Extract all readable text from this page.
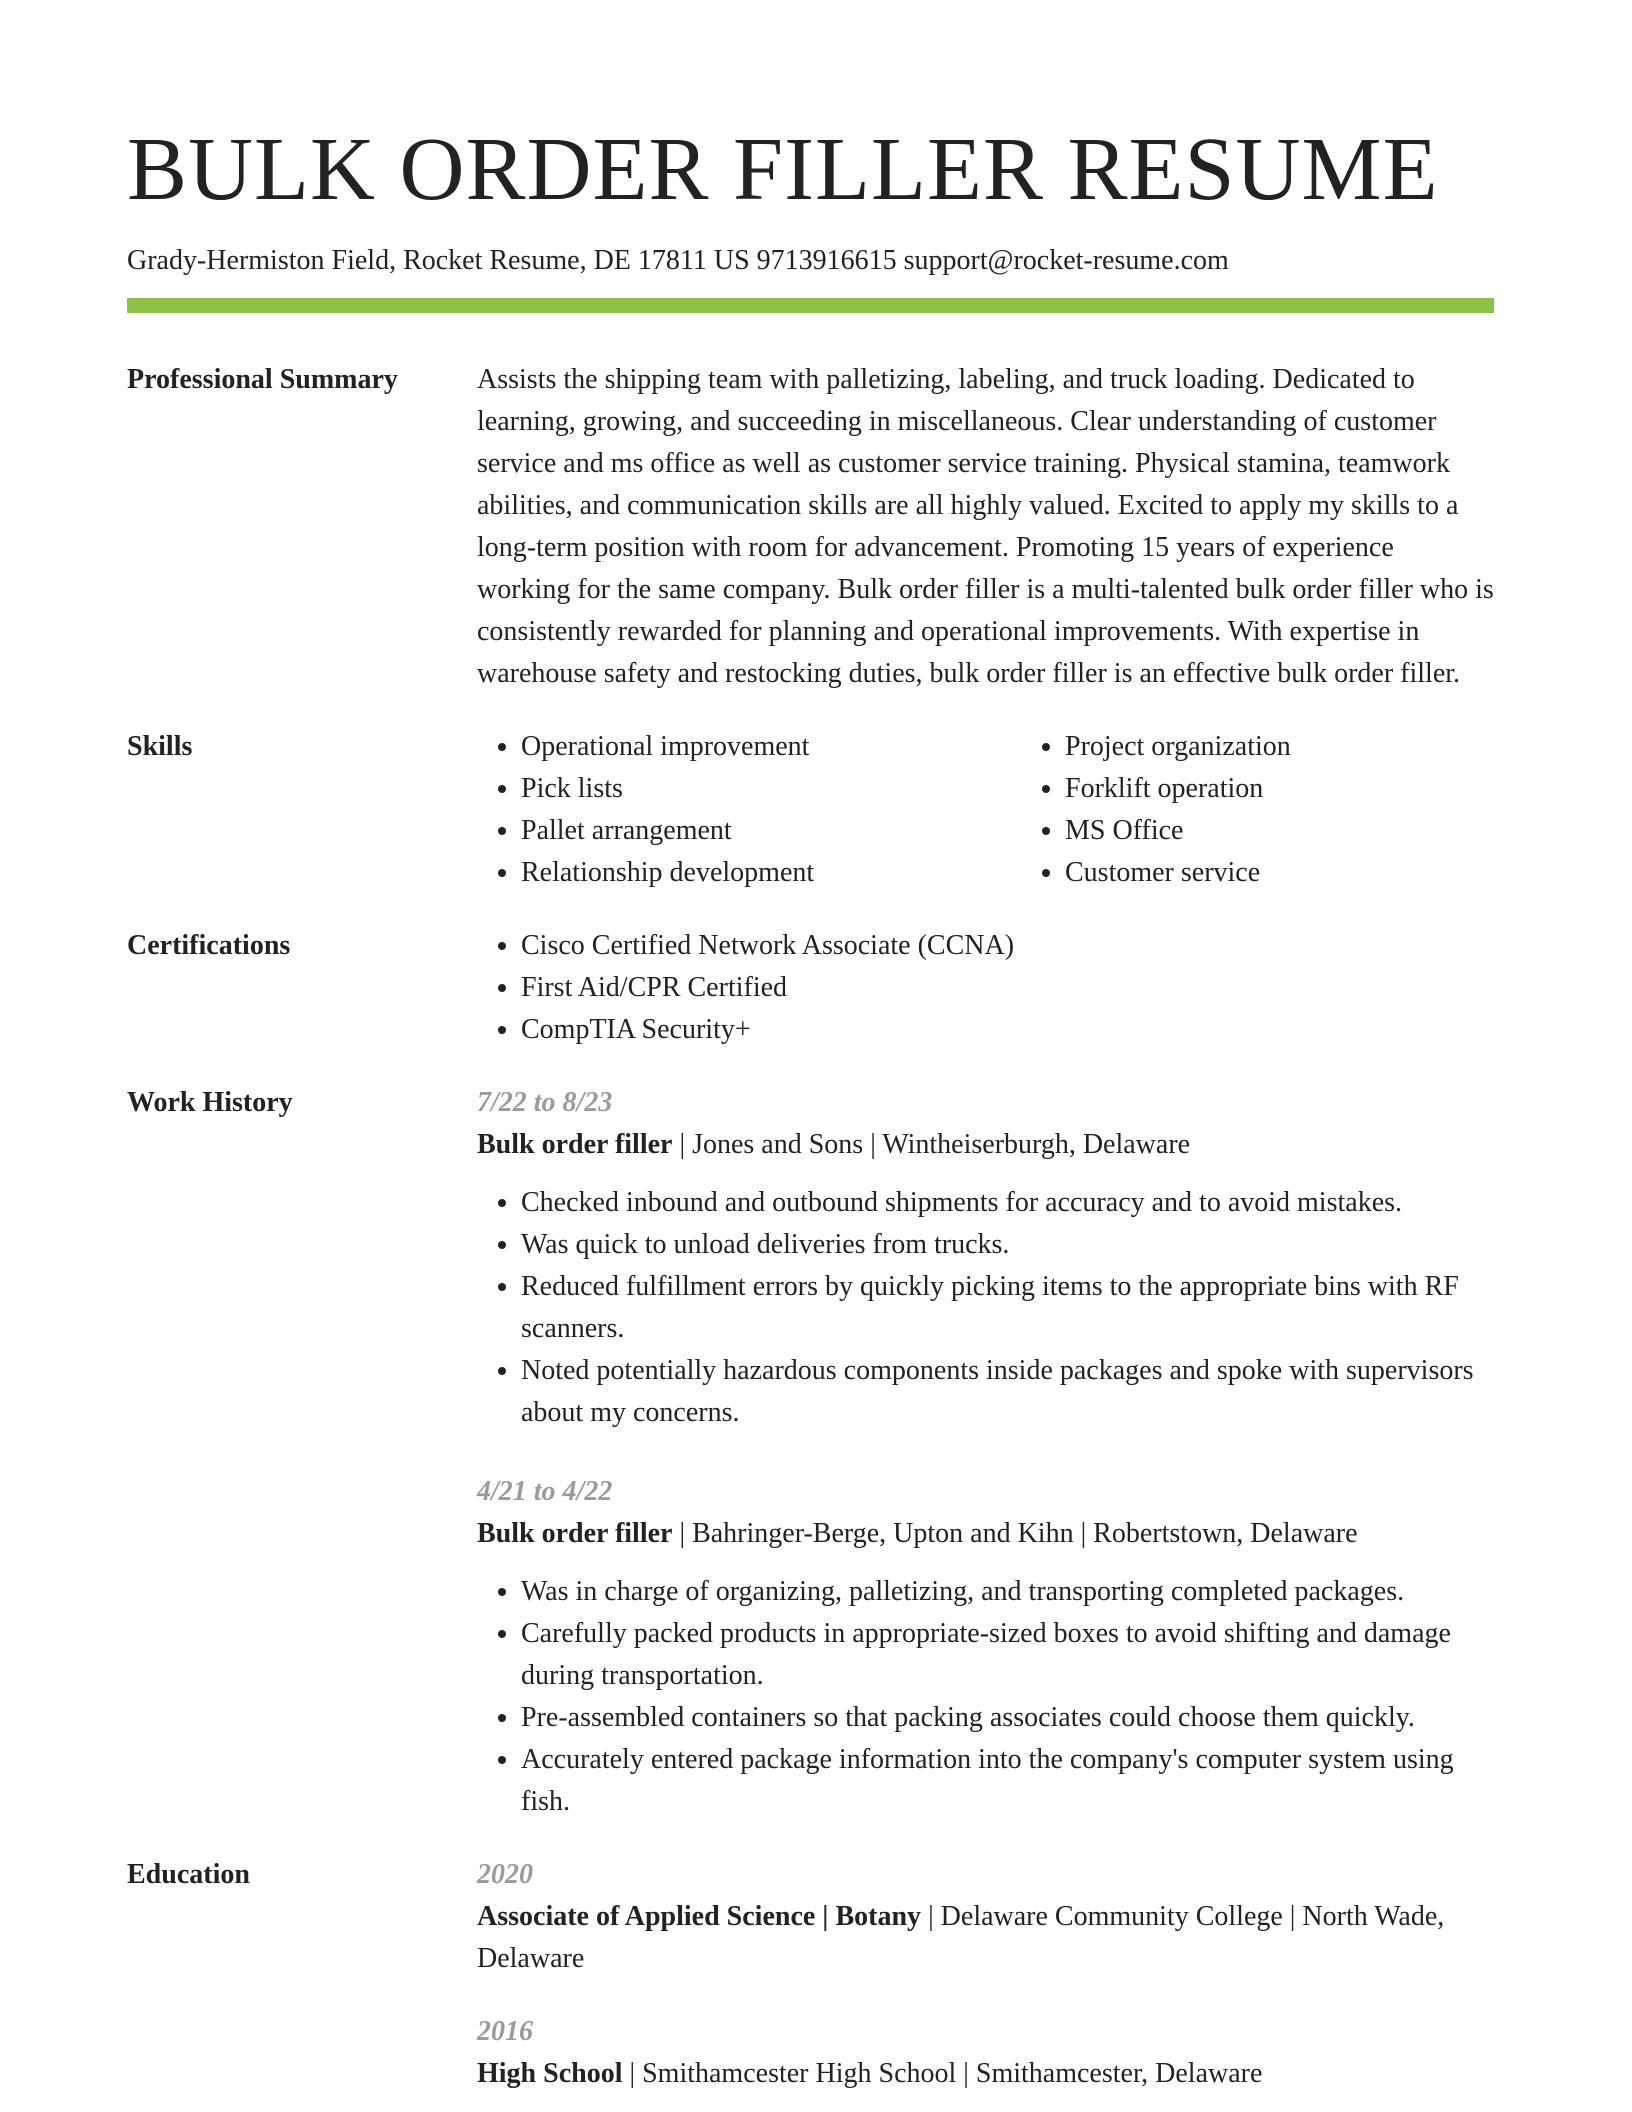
BULK ORDER FILLER RESUME
Grady-Hermiston Field, Rocket Resume, DE 17811 US 9713916615 support@rocket-resume.com
Professional Summary	Assists the shipping team with palletizing, labeling, and truck loading. Dedicated to learning, growing, and succeeding in miscellaneous. Clear understanding of customer service and ms office as well as customer service training. Physical stamina, teamwork abilities, and communication skills are all highly valued. Excited to apply my skills to a long-term position with room for advancement. Promoting 15 years of experience working for the same company. Bulk order filler is a multi-talented bulk order filler who is consistently rewarded for planning and operational improvements. With expertise in warehouse safety and restocking duties, bulk order filler is an effective bulk order filler.

Skills	• Operational improvement
• Pick lists
• Pallet arrangement
• Relationship development
• Project organization
• Forklift operation
• MS Office
• Customer service
Certifications	• Cisco Certified Network Associate (CCNA)
• First Aid/CPR Certified
• CompTIA Security+
Work History	7/22 to 8/23
Bulk order filler | Jones and Sons | Wintheiserburgh, Delaware
• Checked inbound and outbound shipments for accuracy and to avoid mistakes.
• Was quick to unload deliveries from trucks.
• Reduced fulfillment errors by quickly picking items to the appropriate bins with RF scanners.
• Noted potentially hazardous components inside packages and spoke with supervisors about my concerns.
4/21 to 4/22
Bulk order filler | Bahringer-Berge, Upton and Kihn | Robertstown, Delaware
• Was in charge of organizing, palletizing, and transporting completed packages.
• Carefully packed products in appropriate-sized boxes to avoid shifting and damage during transportation.
• Pre-assembled containers so that packing associates could choose them quickly.
• Accurately entered package information into the company's computer system using fish.
Education	2020
Associate of Applied Science | Botany | Delaware Community College | North Wade, Delaware
2016
High School | Smithamcester High School | Smithamcester, Delaware
